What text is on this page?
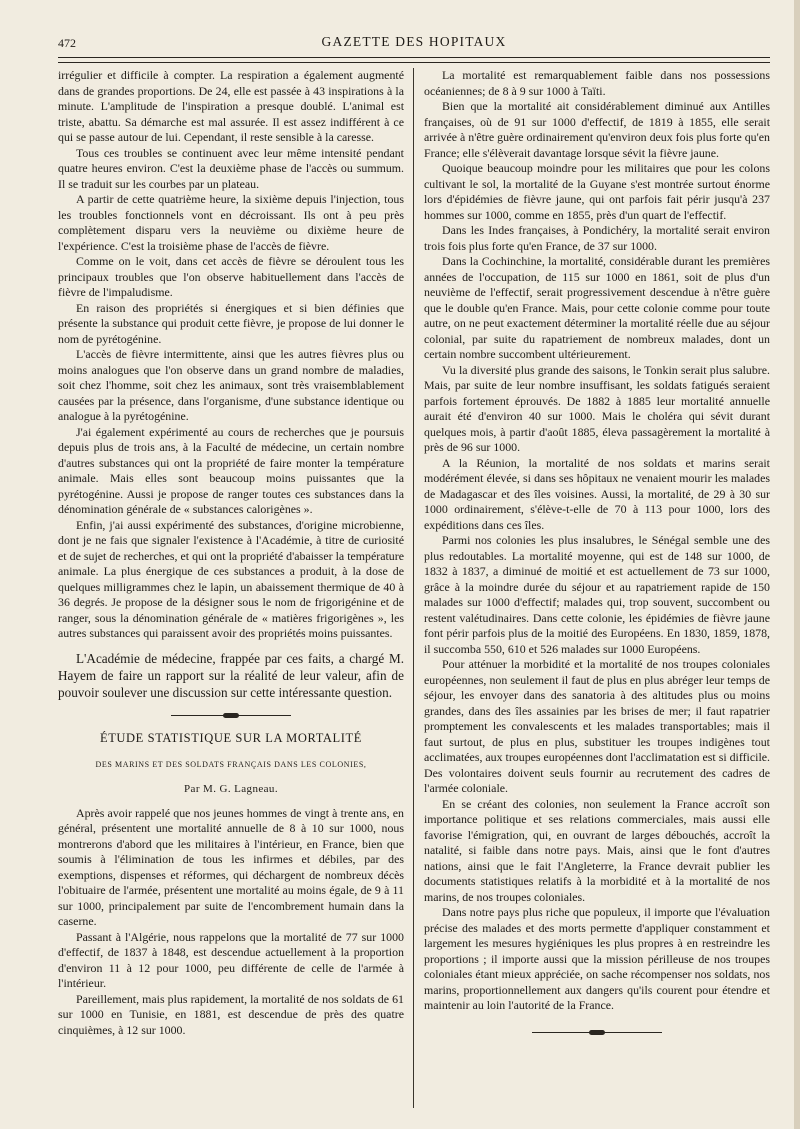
472	GAZETTE DES HOPITAUX

irrégulier et difficile à compter. La respiration a également augmenté dans de grandes proportions. De 24, elle est passée à 43 inspirations à la minute. L'amplitude de l'inspiration a presque doublé. L'animal est triste, abattu. Sa démarche est mal assurée. Il est assez indifférent à ce qui se passe autour de lui. Cependant, il reste sensible à la caresse.

Tous ces troubles se continuent avec leur même intensité pendant quatre heures environ. C'est la deuxième phase de l'accès ou summum. Il se traduit sur les courbes par un plateau.

A partir de cette quatrième heure, la sixième depuis l'injection, tous les troubles fonctionnels vont en décroissant. Ils ont à peu près complètement disparu vers la neuvième ou dixième heure de l'expérience. C'est la troisième phase de l'accès de fièvre.

Comme on le voit, dans cet accès de fièvre se déroulent tous les principaux troubles que l'on observe habituellement dans l'accès de fièvre de l'impaludisme.

En raison des propriétés si énergiques et si bien définies que présente la substance qui produit cette fièvre, je propose de lui donner le nom de pyrétogénine.

L'accès de fièvre intermittente, ainsi que les autres fièvres plus ou moins analogues que l'on observe dans un grand nombre de maladies, soit chez l'homme, soit chez les animaux, sont très vraisemblablement causées par la présence, dans l'organisme, d'une substance identique ou analogue à la pyrétogénine.

J'ai également expérimenté au cours de recherches que je poursuis depuis plus de trois ans, à la Faculté de médecine, un certain nombre d'autres substances qui ont la propriété de faire monter la température animale. Mais elles sont beaucoup moins puissantes que la pyrétogénine. Aussi je propose de ranger toutes ces substances dans la dénomination générale de « substances calorigènes ».

Enfin, j'ai aussi expérimenté des substances, d'origine microbienne, dont je ne fais que signaler l'existence à l'Académie, à titre de curiosité et de sujet de recherches, et qui ont la propriété d'abaisser la température animale. La plus énergique de ces substances a produit, à la dose de quelques milligrammes chez le lapin, un abaissement thermique de 40 à 36 degrés. Je propose de la désigner sous le nom de frigorigénine et de ranger, sous la dénomination générale de « matières frigorigènes », les autres substances qui paraissent avoir des propriétés moins puissantes.

L'Académie de médecine, frappée par ces faits, a chargé M. Hayem de faire un rapport sur la réalité de leur valeur, afin de pouvoir soulever une discussion sur cette intéressante question.

ÉTUDE STATISTIQUE SUR LA MORTALITÉ
DES MARINS ET DES SOLDATS FRANÇAIS DANS LES COLONIES,
Par M. G. Lagneau.

Après avoir rappelé que nos jeunes hommes de vingt à trente ans, en général, présentent une mortalité annuelle de 8 à 10 sur 1000, nous montrerons d'abord que les militaires à l'intérieur, en France, bien que soumis à l'élimination de tous les infirmes et débiles, par des exemptions, dispenses et réformes, qui déchargent de nombreux décès l'obituaire de l'armée, présentent une mortalité au moins égale, de 9 à 11 sur 1000, principalement par suite de l'encombrement humain dans la caserne.

Passant à l'Algérie, nous rappelons que la mortalité de 77 sur 1000 d'effectif, de 1837 à 1848, est descendue actuellement à la proportion d'environ 11 à 12 pour 1000, peu différente de celle de l'armée à l'intérieur.

Pareillement, mais plus rapidement, la mortalité de nos soldats de 61 sur 1000 en Tunisie, en 1881, est descendue de près des quatre cinquièmes, à 12 sur 1000.

La mortalité est remarquablement faible dans nos possessions océaniennes; de 8 à 9 sur 1000 à Taïti.

Bien que la mortalité ait considérablement diminué aux Antilles françaises, où de 91 sur 1000 d'effectif, de 1819 à 1855, elle serait arrivée à n'être guère ordinairement qu'environ deux fois plus forte qu'en France; elle s'élèverait davantage lorsque sévit la fièvre jaune.

Quoique beaucoup moindre pour les militaires que pour les colons cultivant le sol, la mortalité de la Guyane s'est montrée surtout énorme lors d'épidémies de fièvre jaune, qui ont parfois fait périr jusqu'à 237 hommes sur 1000, comme en 1855, près d'un quart de l'effectif.

Dans les Indes françaises, à Pondichéry, la mortalité serait environ trois fois plus forte qu'en France, de 37 sur 1000.

Dans la Cochinchine, la mortalité, considérable durant les premières années de l'occupation, de 115 sur 1000 en 1861, soit de plus d'un neuvième de l'effectif, serait progressivement descendue à n'être guère que le double qu'en France. Mais, pour cette colonie comme pour toute autre, on ne peut exactement déterminer la mortalité réelle due au séjour colonial, par suite du rapatriement de nombreux malades, dont un certain nombre succombent ultérieurement.

Vu la diversité plus grande des saisons, le Tonkin serait plus salubre. Mais, par suite de leur nombre insuffisant, les soldats fatigués seraient parfois fortement éprouvés. De 1882 à 1885 leur mortalité annuelle aurait été d'environ 40 sur 1000. Mais le choléra qui sévit durant quelques mois, à partir d'août 1885, éleva passagèrement la mortalité à près de 96 sur 1000.

A la Réunion, la mortalité de nos soldats et marins serait modérément élevée, si dans ses hôpitaux ne venaient mourir les malades de Madagascar et des îles voisines. Aussi, la mortalité, de 29 à 30 sur 1000 ordinairement, s'élève-t-elle de 70 à 113 pour 1000, lors des expéditions dans ces îles.

Parmi nos colonies les plus insalubres, le Sénégal semble une des plus redoutables. La mortalité moyenne, qui est de 148 sur 1000, de 1832 à 1837, a diminué de moitié et est actuellement de 73 sur 1000, grâce à la moindre durée du séjour et au rapatriement rapide de 150 malades sur 1000 d'effectif; malades qui, trop souvent, succombent ou restent valétudinaires. Dans cette colonie, les épidémies de fièvre jaune font périr parfois plus de la moitié des Européens. En 1830, 1859, 1878, il succomba 550, 610 et 526 malades sur 1000 Européens.

Pour atténuer la morbidité et la mortalité de nos troupes coloniales européennes, non seulement il faut de plus en plus abréger leur temps de séjour, les envoyer dans des sanatoria à des altitudes plus ou moins grandes, dans des îles assainies par les brises de mer; il faut rapatrier promptement les convalescents et les malades transportables; mais il faut surtout, de plus en plus, substituer les troupes indigènes tout acclimatées, aux troupes européennes dont l'acclimatation est si difficile. Des volontaires doivent seuls fournir au recrutement des cadres de l'armée coloniale.

En se créant des colonies, non seulement la France accroît son importance politique et ses relations commerciales, mais aussi elle favorise l'émigration, qui, en ouvrant de larges débouchés, accroît la natalité, si faible dans notre pays. Mais, ainsi que le font d'autres nations, ainsi que le fait l'Angleterre, la France devrait publier les documents statistiques relatifs à la morbidité et à la mortalité de nos marins, de nos troupes coloniales.

Dans notre pays plus riche que populeux, il importe que l'évaluation précise des malades et des morts permette d'appliquer constamment et largement les mesures hygiéniques les plus propres à en restreindre les proportions ; il importe aussi que la mission périlleuse de nos troupes coloniales étant mieux appréciée, on sache récompenser nos soldats, nos marins, proportionnellement aux dangers qu'ils courent pour étendre et maintenir au loin l'autorité de la France.
